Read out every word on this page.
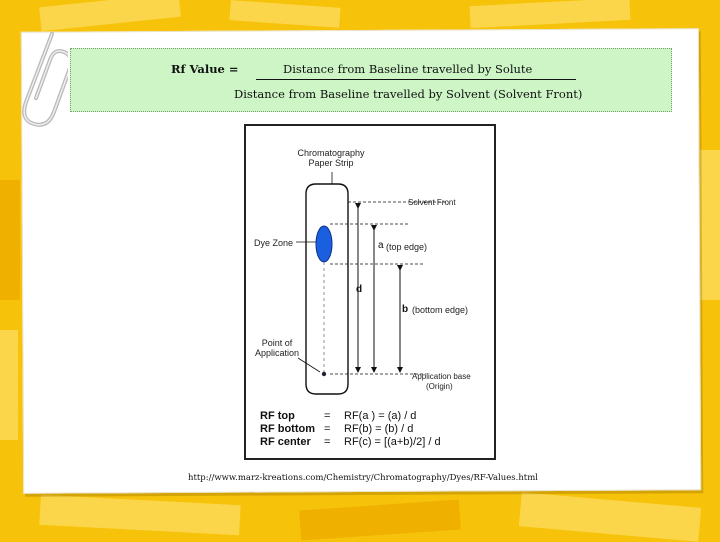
Rf Value =	Distance from Baseline travelled by Solute
Distance from Baseline travelled by Solvent (Solvent Front)
Chromatography
Paper Strip
Solvent Front
Dye Zone	a (top edge)
d
b (bottom edge)
Point of
Application
Application base
(Origin)
RF top	= RF(a ) = (a) / d
RF bottom = RF(b) = (b) / d
RF center = RF(c) = [(a+b)/2] / d
http://www.marz-kreations.com/Chemistry/Chromatography/Dyes/RF-Values.html
